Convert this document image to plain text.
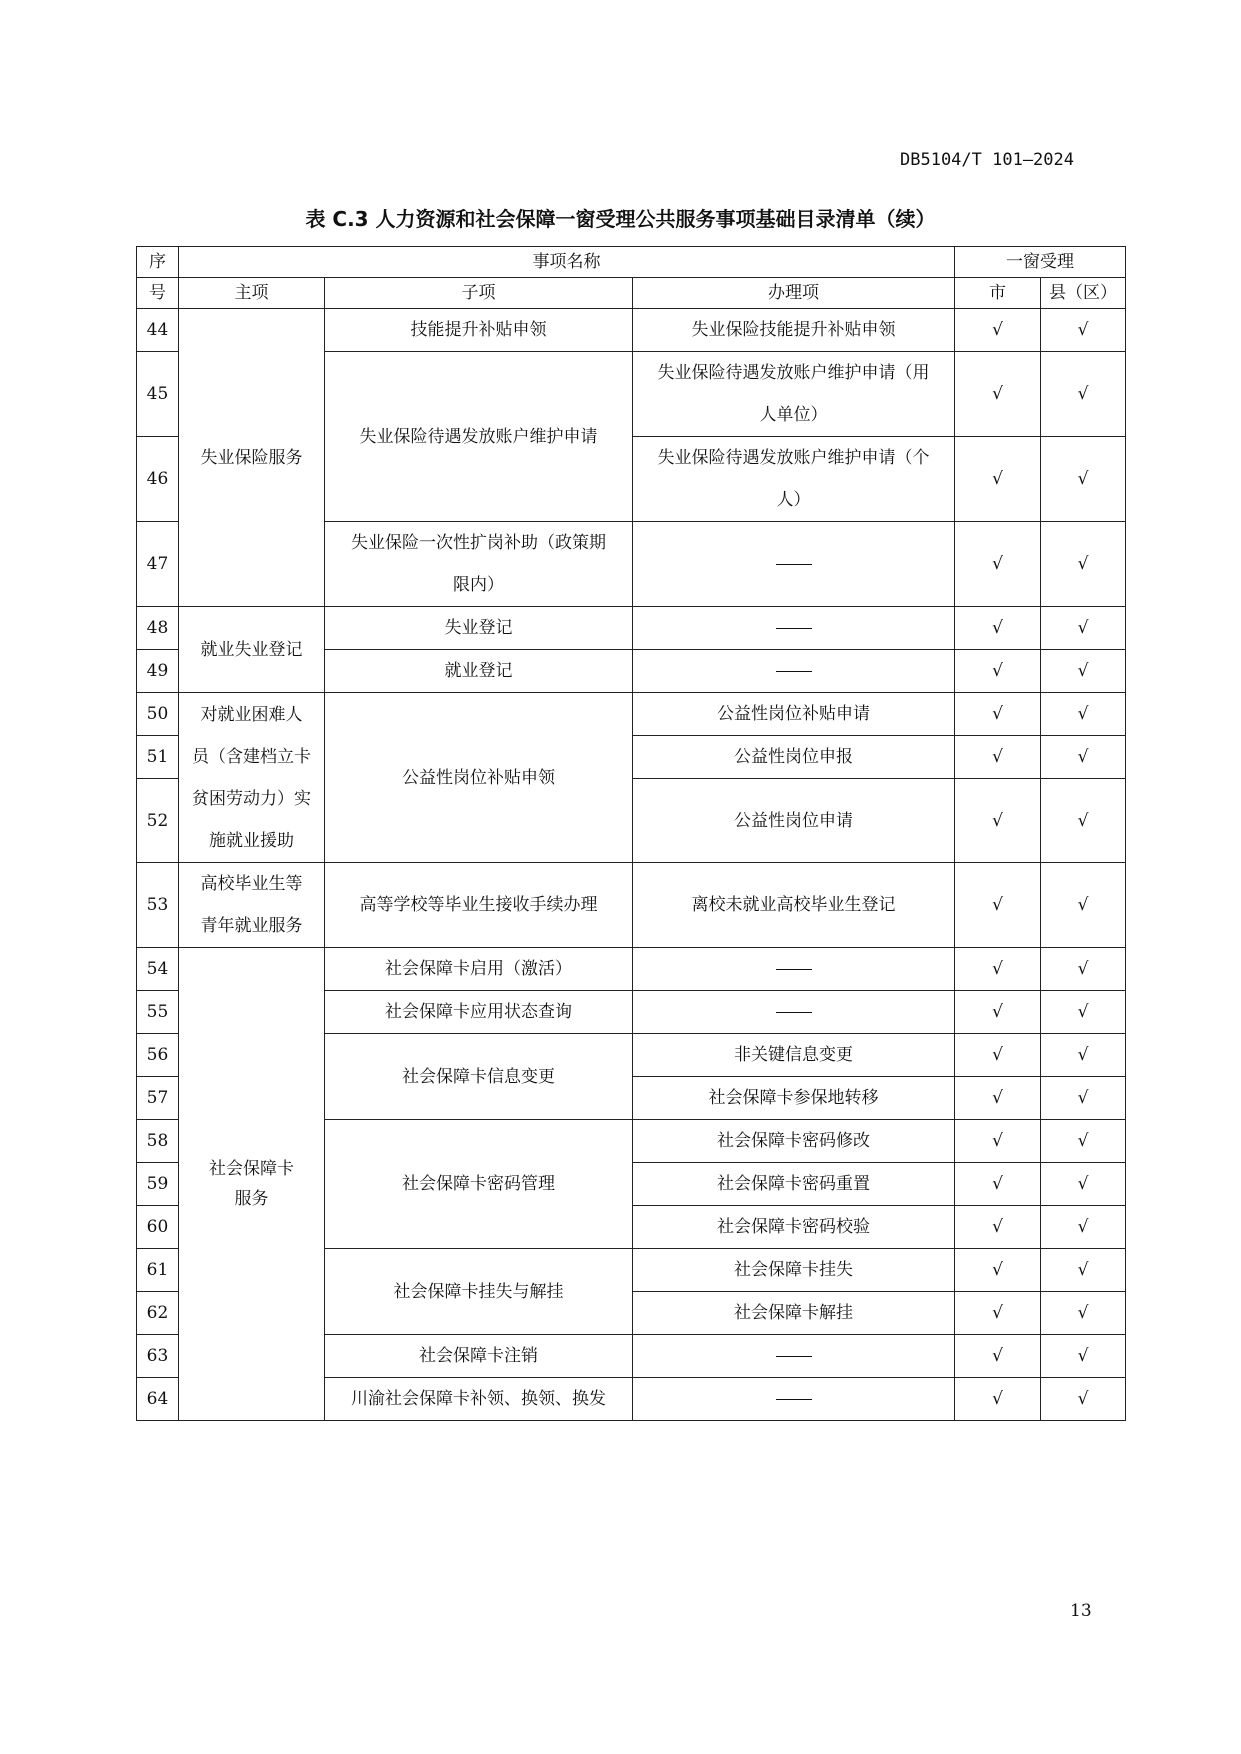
DB5104/T 101—2024
表 C.3 人力资源和社会保障一窗受理公共服务事项基础目录清单（续）
序	事项名称			一窗受理	
号	主项	子项	办理项	市	县（区）
44	失业保险服务	技能提升补贴申领	失业保险技能提升补贴申领	√	√
45		失业保险待遇发放账户维护申请	失业保险待遇发放账户维护申请（用
人单位）	√	√
46			失业保险待遇发放账户维护申请（个
人）	√	√
47		失业保险一次性扩岗补助（政策期
限内）		√	√
48	就业失业登记	失业登记		√	√
49		就业登记		√	√
50	对就业困难人
员（含建档立卡
贫困劳动力）实
施就业援助	公益性岗位补贴申领	公益性岗位补贴申请	√	√
51			公益性岗位申报	√	√
52			公益性岗位申请	√	√
53	高校毕业生等
青年就业服务	高等学校等毕业生接收手续办理	离校未就业高校毕业生登记	√	√
54	社会保障卡
服务	社会保障卡启用（激活）		√	√
55		社会保障卡应用状态查询		√	√
56		社会保障卡信息变更	非关键信息变更	√	√
57			社会保障卡参保地转移	√	√
58		社会保障卡密码管理	社会保障卡密码修改	√	√
59			社会保障卡密码重置	√	√
60			社会保障卡密码校验	√	√
61		社会保障卡挂失与解挂	社会保障卡挂失	√	√
62			社会保障卡解挂	√	√
63		社会保障卡注销		√	√
64		川渝社会保障卡补领、换领、换发		√	√
13
